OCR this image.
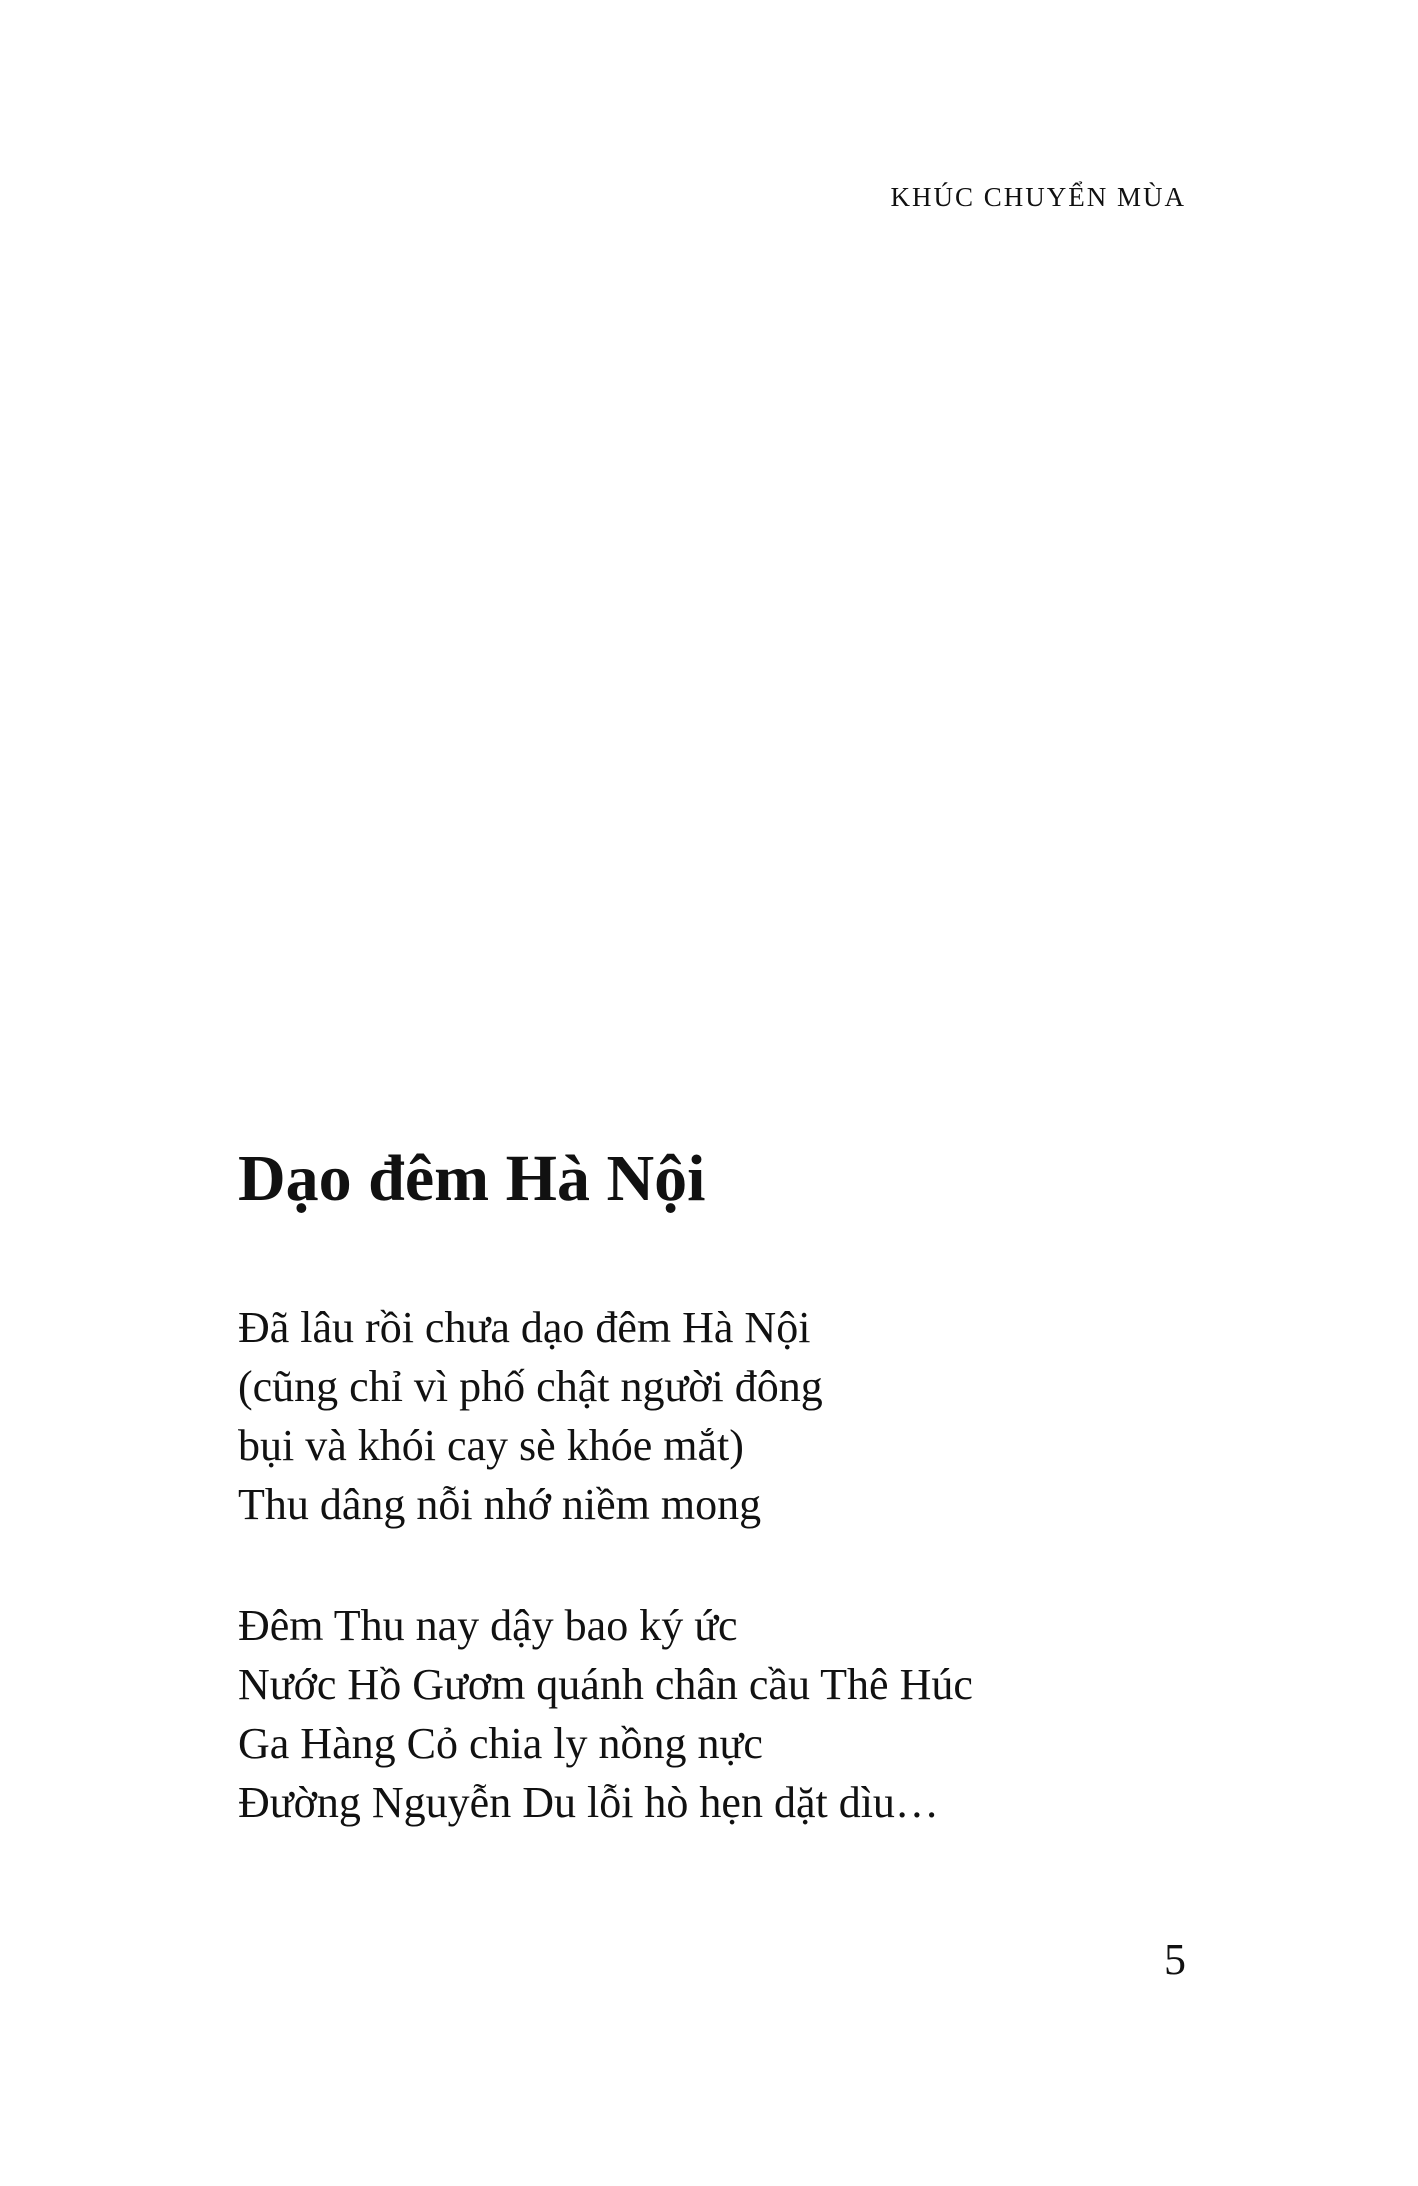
KHÚC CHUYỂN MÙA
Dạo đêm Hà Nội

Đã lâu rồi chưa dạo đêm Hà Nội
(cũng chỉ vì phố chật người đông
bụi và khói cay sè khóe mắt)
Thu dâng nỗi nhớ niềm mong

Đêm Thu nay dậy bao ký ức
Nước Hồ Gươm quánh chân cầu Thê Húc
Ga Hàng Cỏ chia ly nồng nực
Đường Nguyễn Du lỗi hò hẹn dặt dìu…

5
